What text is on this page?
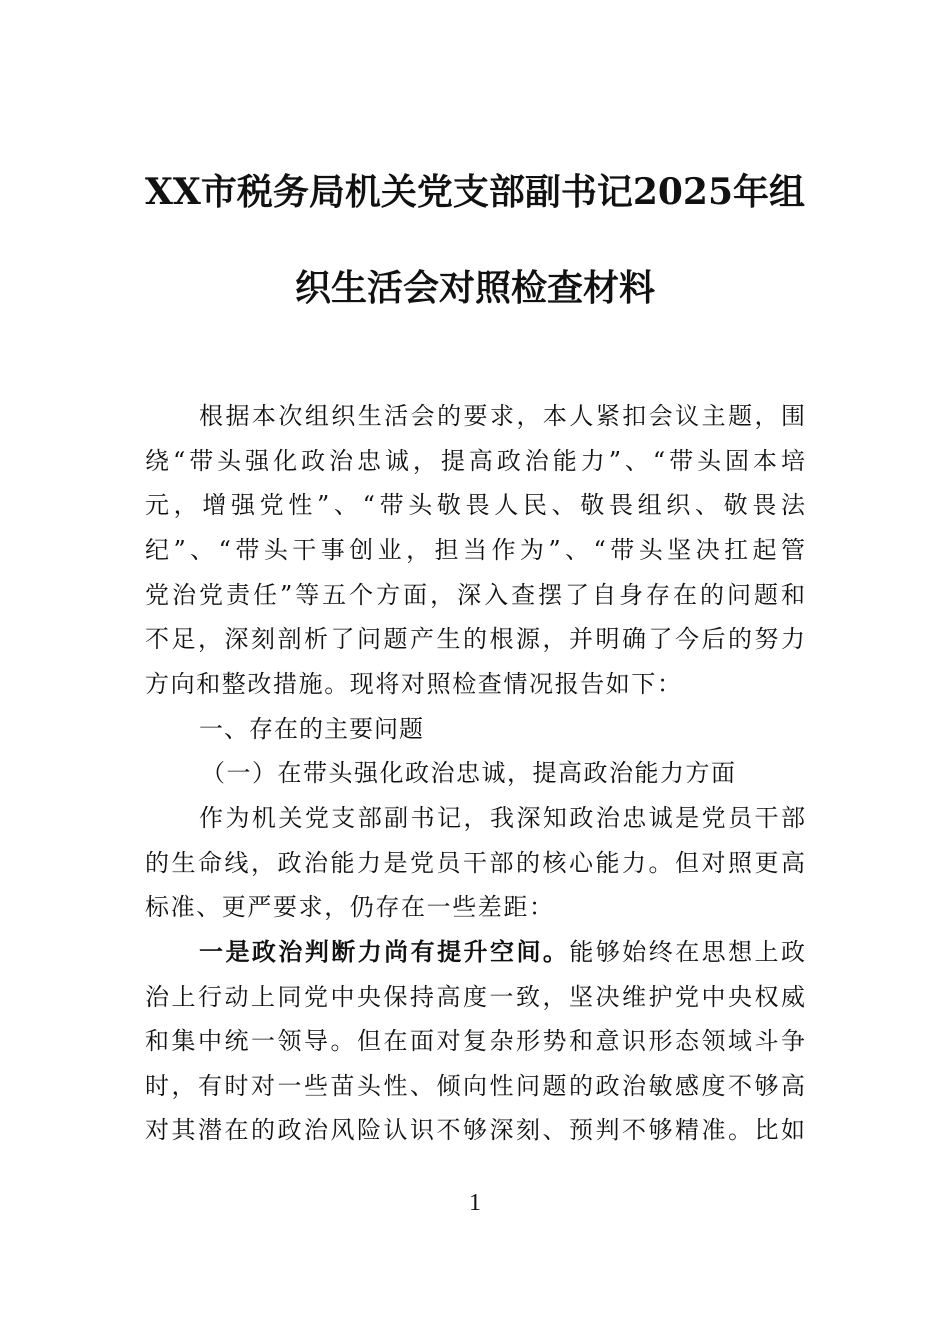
XX市税务局机关党支部副书记2025年组
织生活会对照检查材料
根据本次组织生活会的要求，本人紧扣会议主题，围
绕“带头强化政治忠诚，提高政治能力”、“带头固本培
元，增强党性”、“带头敬畏人民、敬畏组织、敬畏法
纪”、“带头干事创业，担当作为”、“带头坚决扛起管
党治党责任”等五个方面，深入查摆了自身存在的问题和
不足，深刻剖析了问题产生的根源，并明确了今后的努力
方向和整改措施。现将对照检查情况报告如下：
一、存在的主要问题
（一）在带头强化政治忠诚，提高政治能力方面
作为机关党支部副书记，我深知政治忠诚是党员干部
的生命线，政治能力是党员干部的核心能力。但对照更高
标准、更严要求，仍存在一些差距：
一是政治判断力尚有提升空间。能够始终在思想上政
治上行动上同党中央保持高度一致，坚决维护党中央权威
和集中统一领导。但在面对复杂形势和意识形态领域斗争
时，有时对一些苗头性、倾向性问题的政治敏感度不够高
对其潜在的政治风险认识不够深刻、预判不够精准。比如
1
